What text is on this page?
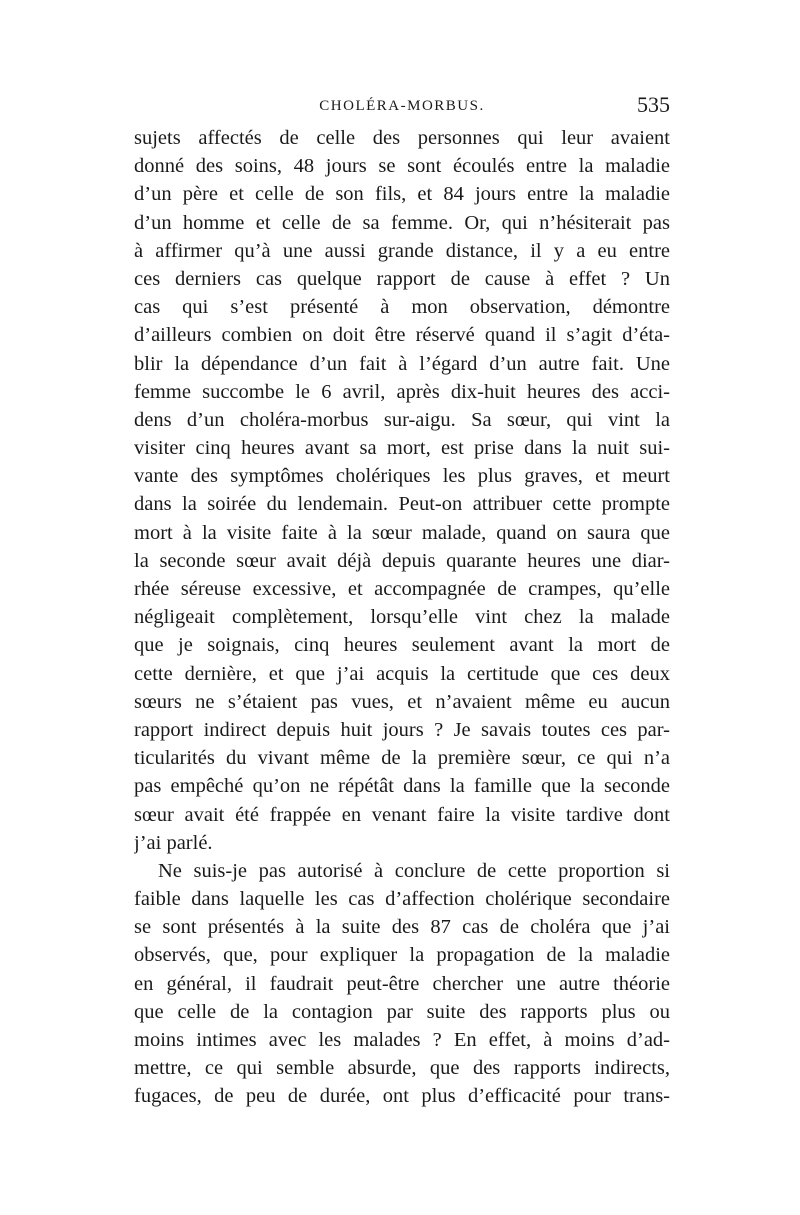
CHOLÉRA-MORBUS.	535
sujets affectés de celle des personnes qui leur avaient
donné des soins, 48 jours se sont écoulés entre la maladie
d’un père et celle de son fils, et 84 jours entre la maladie
d’un homme et celle de sa femme. Or, qui n’hésiterait pas
à affirmer qu’à une aussi grande distance, il y a eu entre
ces derniers cas quelque rapport de cause à effet ? Un
cas qui s’est présenté à mon observation, démontre
d’ailleurs combien on doit être réservé quand il s’agit d’éta-
blir la dépendance d’un fait à l’égard d’un autre fait. Une
femme succombe le 6 avril, après dix-huit heures des acci-
dens d’un choléra-morbus sur-aigu. Sa sœur, qui vint la
visiter cinq heures avant sa mort, est prise dans la nuit sui-
vante des symptômes cholériques les plus graves, et meurt
dans la soirée du lendemain. Peut-on attribuer cette prompte
mort à la visite faite à la sœur malade, quand on saura que
la seconde sœur avait déjà depuis quarante heures une diar-
rhée séreuse excessive, et accompagnée de crampes, qu’elle
négligeait complètement, lorsqu’elle vint chez la malade
que je soignais, cinq heures seulement avant la mort de
cette dernière, et que j’ai acquis la certitude que ces deux
sœurs ne s’étaient pas vues, et n’avaient même eu aucun
rapport indirect depuis huit jours ? Je savais toutes ces par-
ticularités du vivant même de la première sœur, ce qui n’a
pas empêché qu’on ne répétât dans la famille que la seconde
sœur avait été frappée en venant faire la visite tardive dont
j’ai parlé.
Ne suis-je pas autorisé à conclure de cette proportion si
faible dans laquelle les cas d’affection cholérique secondaire
se sont présentés à la suite des 87 cas de choléra que j’ai
observés, que, pour expliquer la propagation de la maladie
en général, il faudrait peut-être chercher une autre théorie
que celle de la contagion par suite des rapports plus ou
moins intimes avec les malades ? En effet, à moins d’ad-
mettre, ce qui semble absurde, que des rapports indirects,
fugaces, de peu de durée, ont plus d’efficacité pour trans-
